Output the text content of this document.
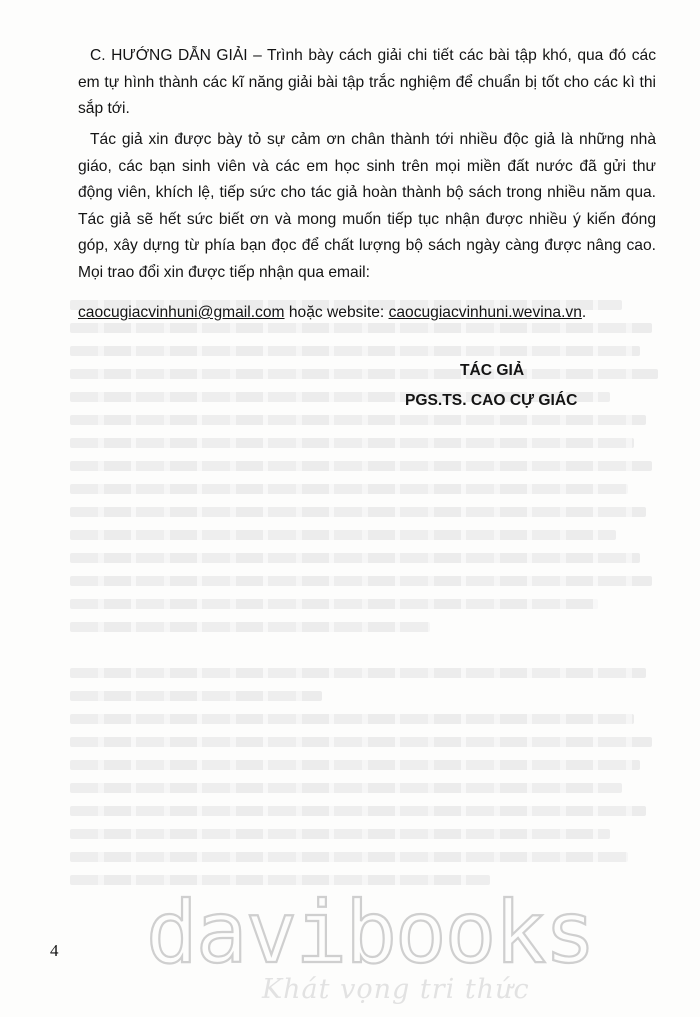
C. HƯỚNG DẪN GIẢI – Trình bày cách giải chi tiết các bài tập khó, qua đó các em tự hình thành các kĩ năng giải bài tập trắc nghiệm để chuẩn bị tốt cho các kì thi sắp tới.

Tác giả xin được bày tỏ sự cảm ơn chân thành tới nhiều độc giả là những nhà giáo, các bạn sinh viên và các em học sinh trên mọi miền đất nước đã gửi thư động viên, khích lệ, tiếp sức cho tác giả hoàn thành bộ sách trong nhiều năm qua. Tác giả sẽ hết sức biết ơn và mong muốn tiếp tục nhận được nhiều ý kiến đóng góp, xây dựng từ phía bạn đọc để chất lượng bộ sách ngày càng được nâng cao. Mọi trao đổi xin được tiếp nhận qua email:

caocugiacvinhuni@gmail.com hoặc website: caocugiacvinhuni.wevina.vn.
TÁC GIẢ
PGS.TS. CAO CỰ GIÁC
4 davibooks
Khát vọng tri thức
